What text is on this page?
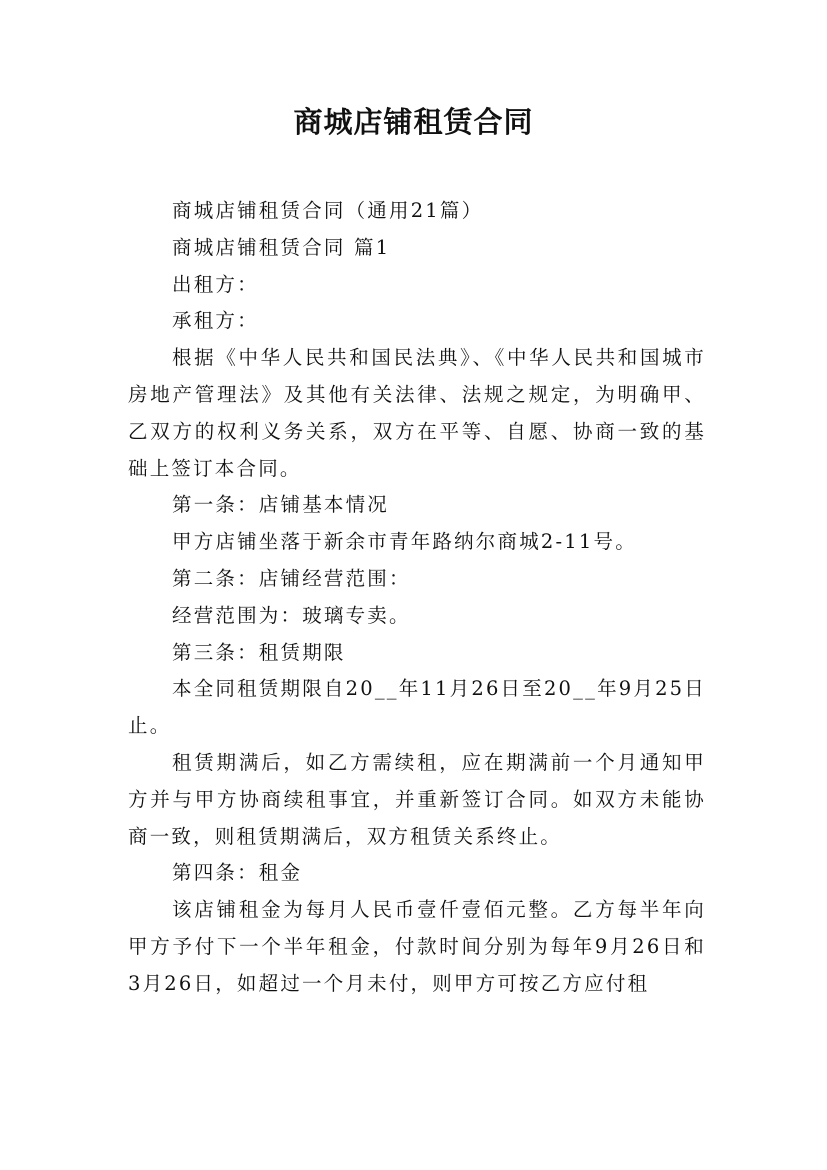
商城店铺租赁合同

商城店铺租赁合同（通用21篇）

商城店铺租赁合同 篇1

出租方：

承租方：

根据《中华人民共和国民法典》、《中华人民共和国城市房地产管理法》及其他有关法律、法规之规定，为明确甲、乙双方的权利义务关系，双方在平等、自愿、协商一致的基础上签订本合同。

第一条：店铺基本情况

甲方店铺坐落于新余市青年路纳尔商城2-11号。

第二条：店铺经营范围：

经营范围为：玻璃专卖。

第三条：租赁期限

本全同租赁期限自20__年11月26日至20__年9月25日止。

租赁期满后，如乙方需续租，应在期满前一个月通知甲方并与甲方协商续租事宜，并重新签订合同。如双方未能协商一致，则租赁期满后，双方租赁关系终止。

第四条：租金

该店铺租金为每月人民币壹仟壹佰元整。乙方每半年向甲方予付下一个半年租金，付款时间分别为每年9月26日和3月26日，如超过一个月未付，则甲方可按乙方应付租
